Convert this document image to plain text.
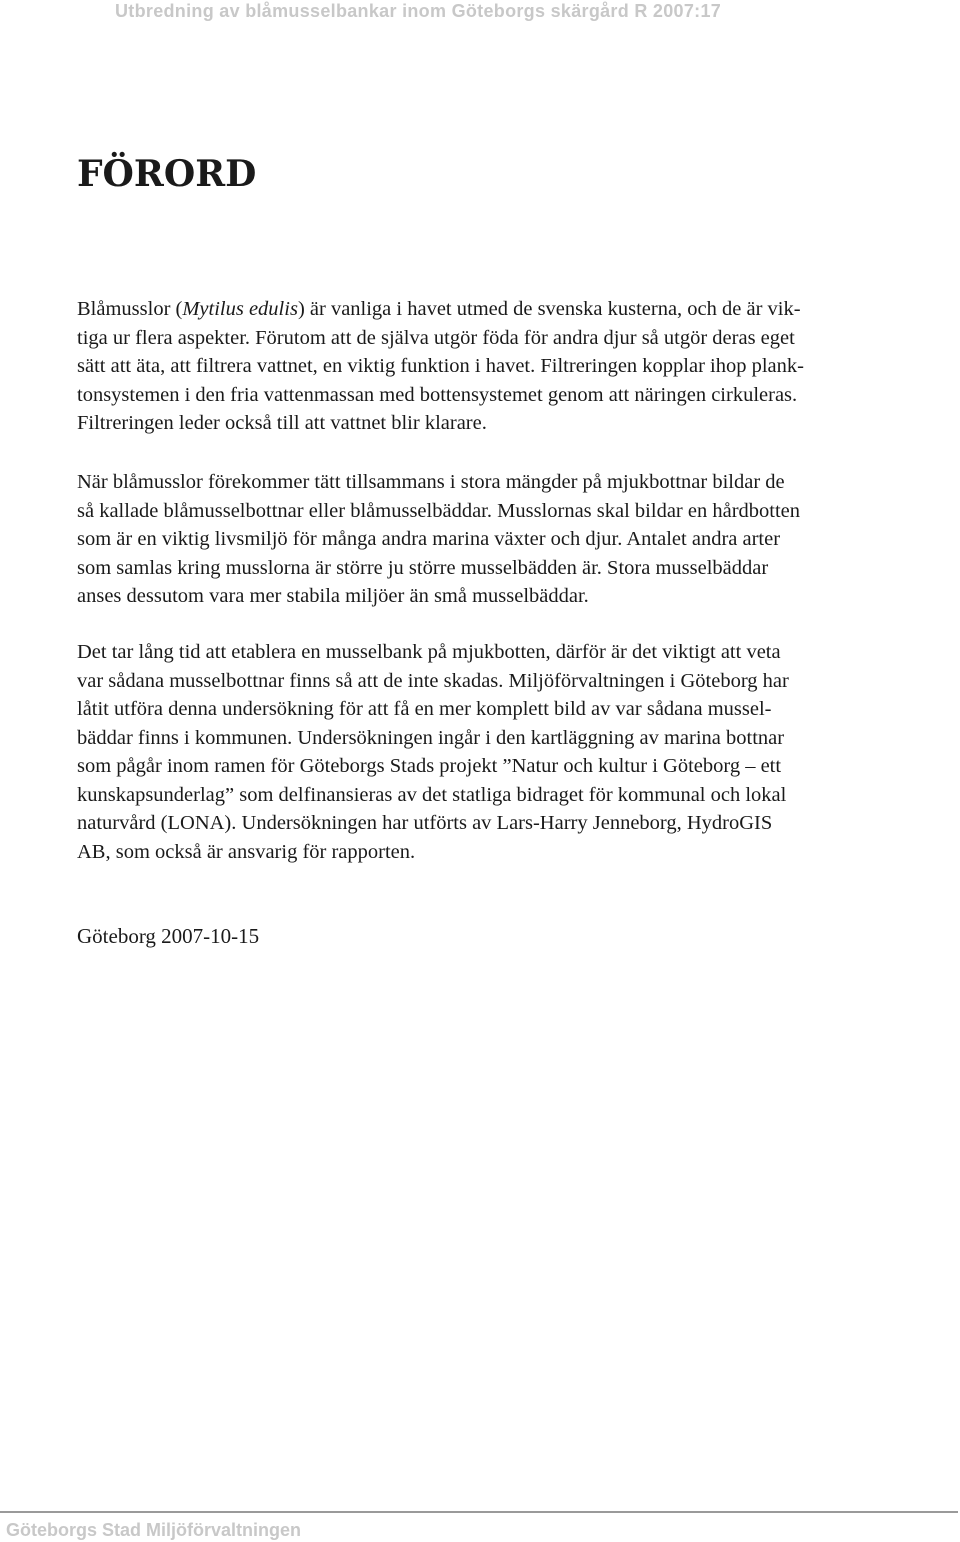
Utbredning av blåmusselbankar inom Göteborgs skärgård R 2007:17
FÖRORD
Blåmusslor (Mytilus edulis) är vanliga i havet utmed de svenska kusterna, och de är vik-
tiga ur flera aspekter. Förutom att de själva utgör föda för andra djur så utgör deras eget
sätt att äta, att filtrera vattnet, en viktig funktion i havet. Filtreringen kopplar ihop plank-
tonsystemen i den fria vattenmassan med bottensystemet genom att näringen cirkuleras.
Filtreringen leder också till att vattnet blir klarare.
När blåmusslor förekommer tätt tillsammans i stora mängder på mjukbottnar bildar de
så kallade blåmusselbottnar eller blåmusselbäddar. Musslornas skal bildar en hårdbotten
som är en viktig livsmiljö för många andra marina växter och djur. Antalet andra arter
som samlas kring musslorna är större ju större musselbädden är. Stora musselbäddar
anses dessutom vara mer stabila miljöer än små musselbäddar.
Det tar lång tid att etablera en musselbank på mjukbotten, därför är det viktigt att veta
var sådana musselbottnar finns så att de inte skadas. Miljöförvaltningen i Göteborg har
låtit utföra denna undersökning för att få en mer komplett bild av var sådana mussel-
bäddar finns i kommunen. Undersökningen ingår i den kartläggning av marina bottnar
som pågår inom ramen för Göteborgs Stads projekt ”Natur och kultur i Göteborg – ett
kunskapsunderlag” som delfinansieras av det statliga bidraget för kommunal och lokal
naturvård (LONA). Undersökningen har utförts av Lars-Harry Jenneborg, HydroGIS
AB, som också är ansvarig för rapporten.

Göteborg 2007-10-15

Göteborgs Stad Miljöförvaltningen
